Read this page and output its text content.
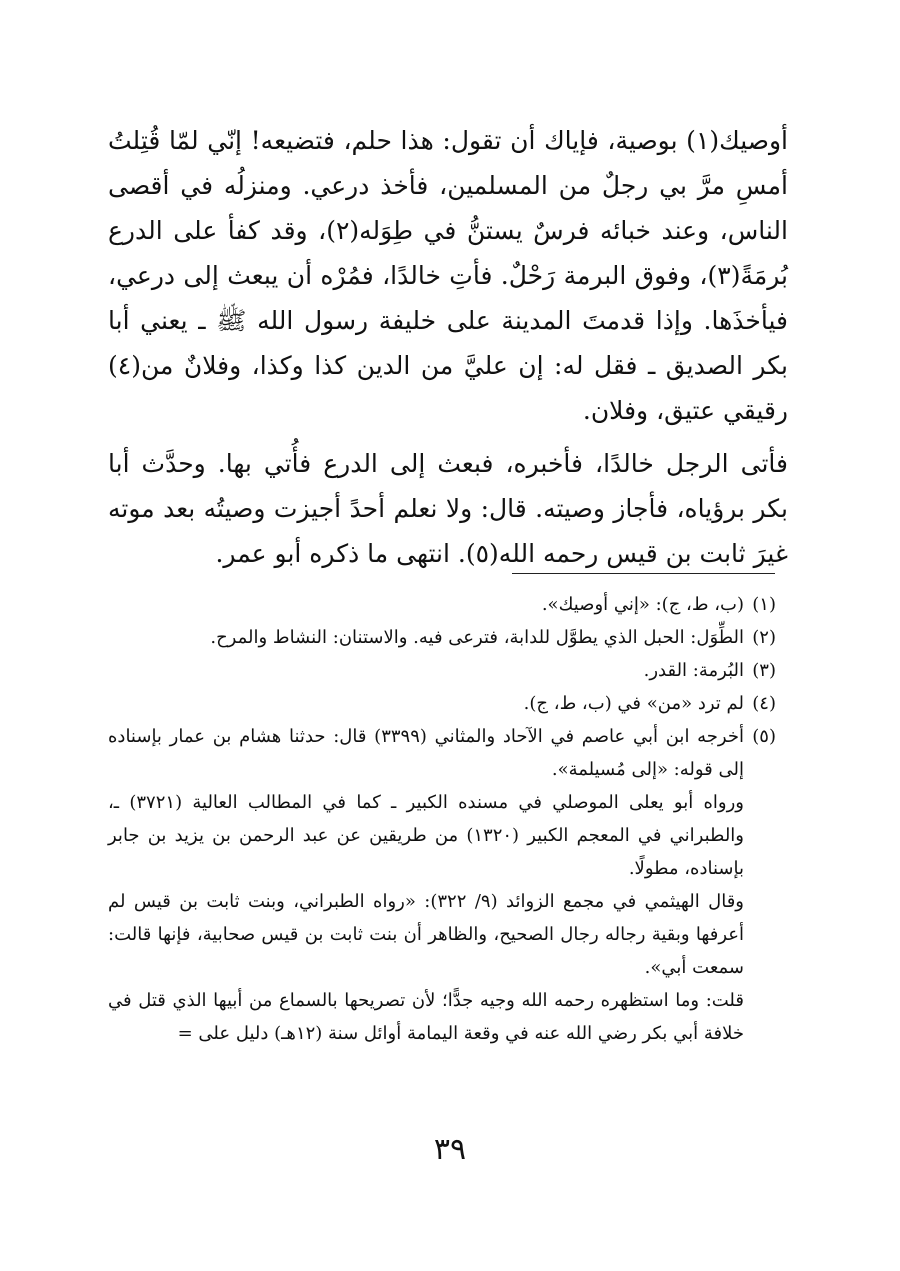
أوصيك(١) بوصية، فإياك أن تقول: هذا حلم، فتضيعه! إنّي لمّا قُتِلتُ أمسِ مرَّ بي رجلٌ من المسلمين، فأخذ درعي. ومنزلُه في أقصى الناس، وعند خبائه فرسٌ يستنُّ في طِوَله(٢)، وقد كفأ على الدرع بُرمَةً(٣)، وفوق البرمة رَحْلٌ. فأتِ خالدًا، فمُرْه أن يبعث إلى درعي، فيأخذَها. وإذا قدمتَ المدينة على خليفة رسول الله ﷺ ـ يعني أبا بكر الصديق ـ فقل له: إن عليَّ من الدين كذا وكذا، وفلانٌ من(٤) رقيقي عتيق، وفلان.

فأتى الرجل خالدًا، فأخبره، فبعث إلى الدرع فأُتي بها. وحدَّث أبا بكر برؤياه، فأجاز وصيته. قال: ولا نعلم أحدً أجيزت وصيتُه بعد موته غيرَ ثابت بن قيس رحمه الله(٥). انتهى ما ذكره أبو عمر.

(١)
(ب، ط، ج): «إني أوصيك».
(٢)
الطِّوَل: الحبل الذي يطوَّل للدابة، فترعى فيه. والاستنان: النشاط والمرح.
(٣)
البُرمة: القدر.
(٤)
لم ترد «من» في (ب، ط، ج).
(٥)
أخرجه ابن أبي عاصم في الآحاد والمثاني (٣٣٩٩) قال: حدثنا هشام بن عمار بإسناده إلى قوله: «إلى مُسيلمة».

ورواه أبو يعلى الموصلي في مسنده الكبير ـ كما في المطالب العالية (٣٧٢١) ـ، والطبراني في المعجم الكبير (١٣٢٠) من طريقين عن عبد الرحمن بن يزيد بن جابر بإسناده، مطولًا.

وقال الهيثمي في مجمع الزوائد (٩/ ٣٢٢): «رواه الطبراني، وبنت ثابت بن قيس لم أعرفها وبقية رجاله رجال الصحيح، والظاهر أن بنت ثابت بن قيس صحابية، فإنها قالت: سمعت أبي».

قلت: وما استظهره رحمه الله وجيه جدًّا؛ لأن تصريحها بالسماع من أبيها الذي قتل في خلافة أبي بكر رضي الله عنه في وقعة اليمامة أوائل سنة (١٢هـ) دليل على =

٣٩
